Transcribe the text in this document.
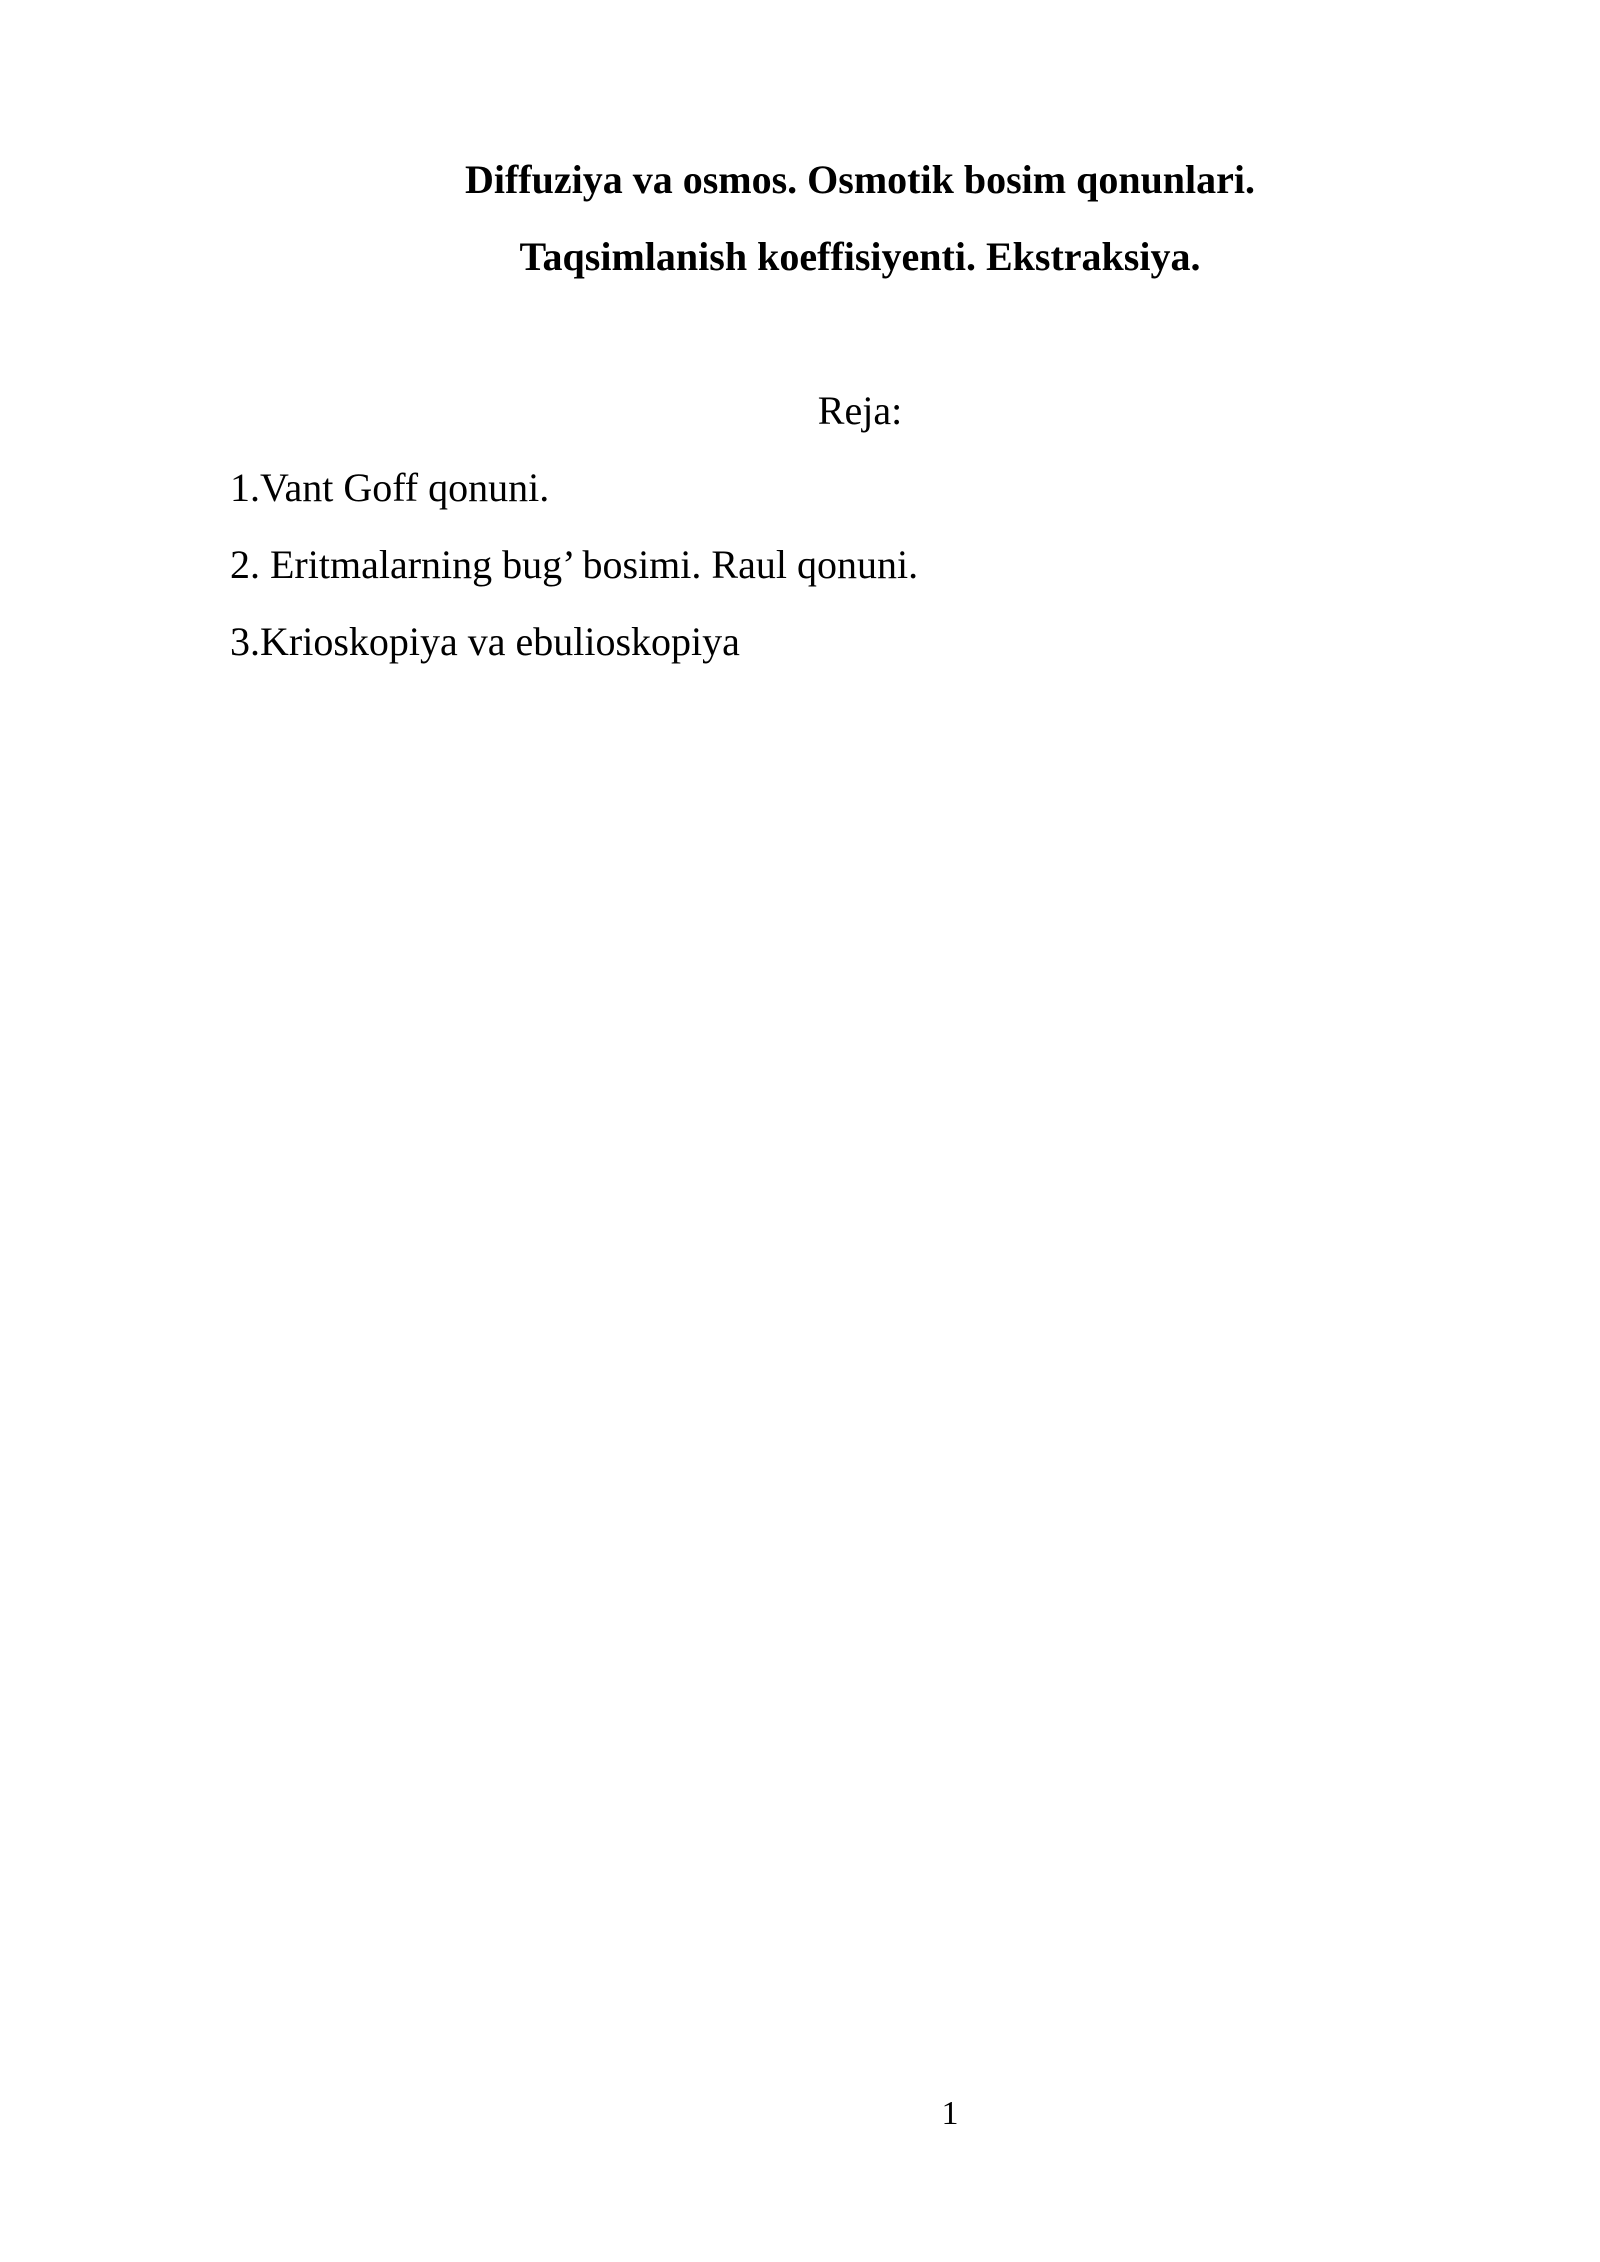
Diffuziya va osmos. Osmotik bosim qonunlari.
Taqsimlanish koeffisiyenti. Ekstraksiya.
Reja:
1.Vant Goff qonuni.
2. Eritmalarning bug’ bosimi. Raul qonuni.
3.Krioskopiya va ebulioskopiya
1
